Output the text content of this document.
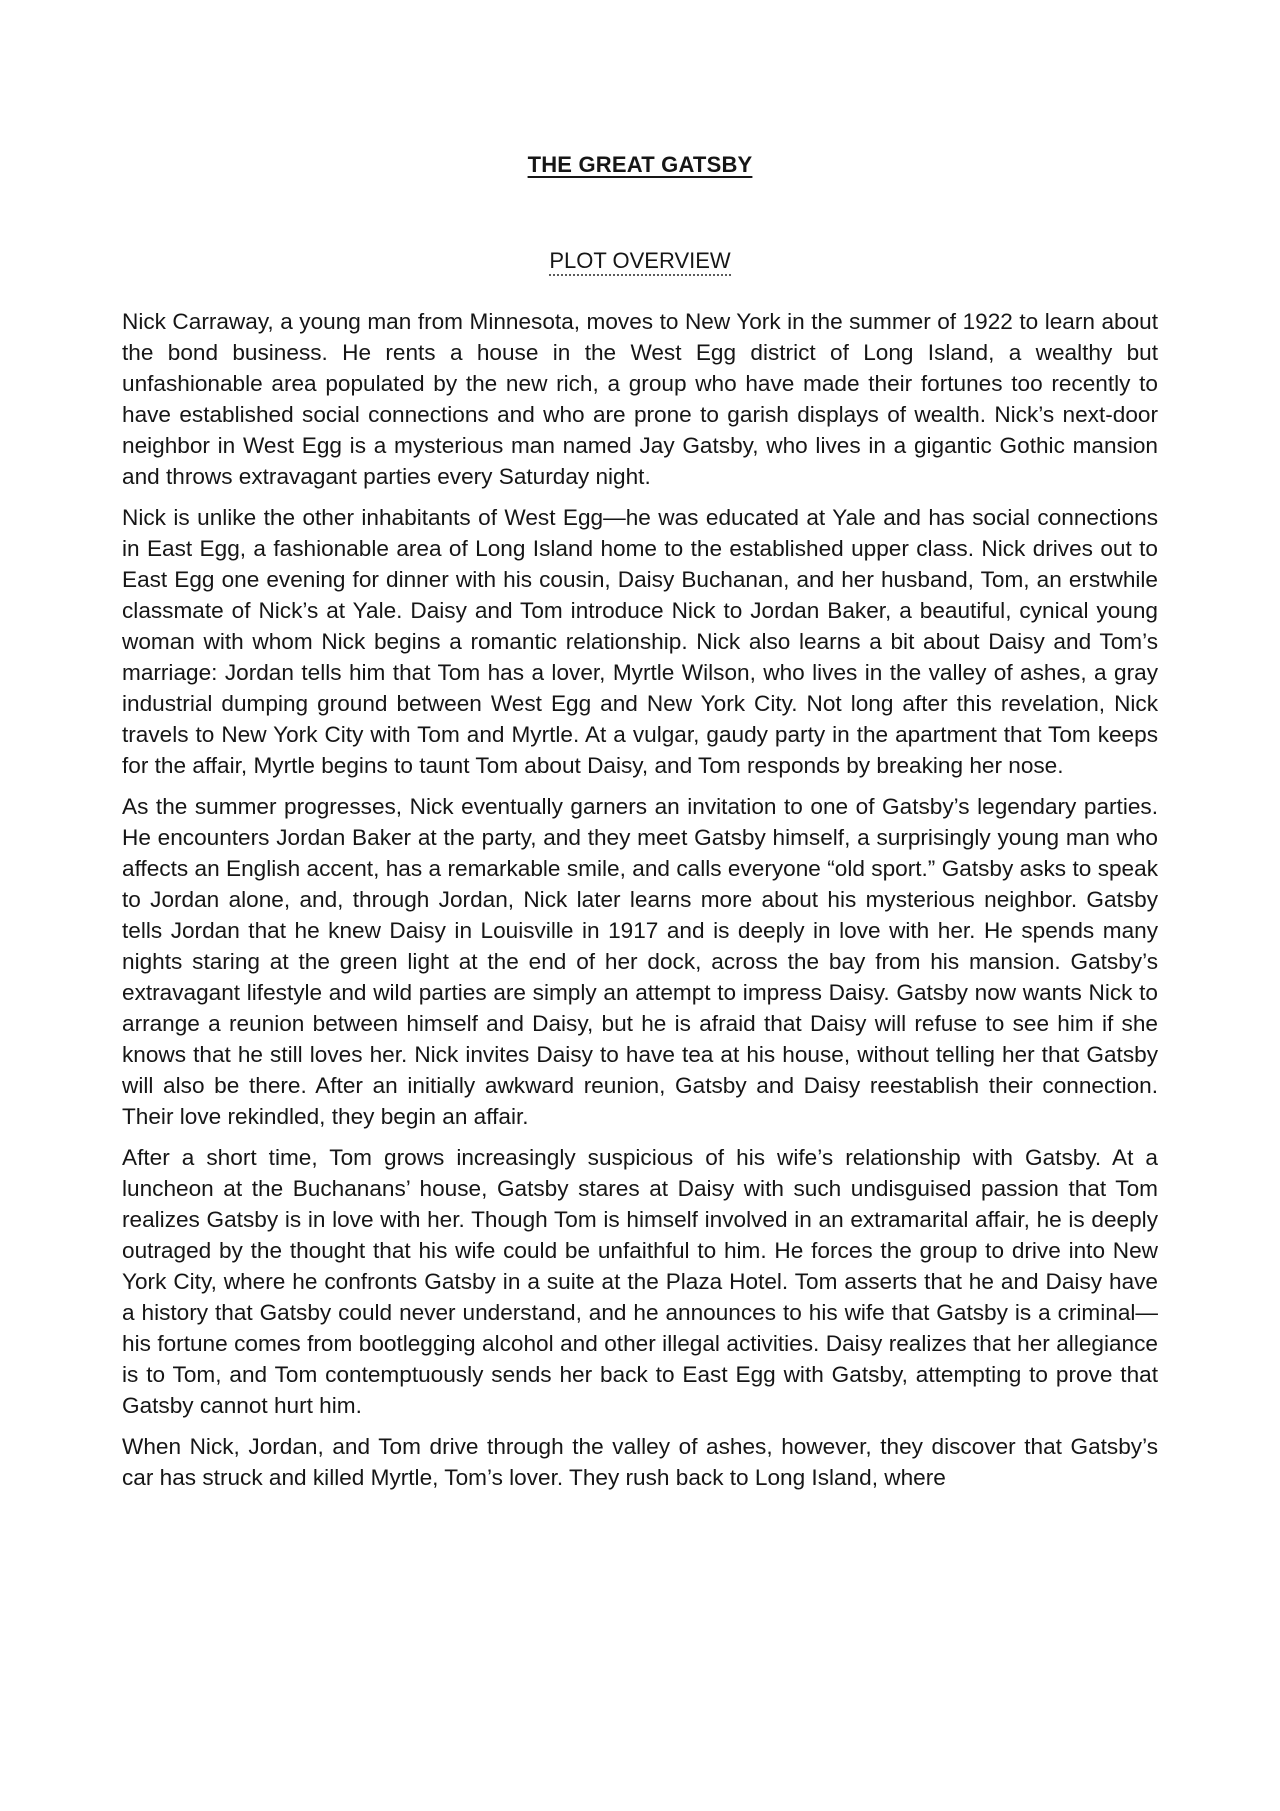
THE GREAT GATSBY
PLOT OVERVIEW

Nick Carraway, a young man from Minnesota, moves to New York in the summer of 1922 to learn about the bond business. He rents a house in the West Egg district of Long Island, a wealthy but unfashionable area populated by the new rich, a group who have made their fortunes too recently to have established social connections and who are prone to garish displays of wealth. Nick’s next-door neighbor in West Egg is a mysterious man named Jay Gatsby, who lives in a gigantic Gothic mansion and throws extravagant parties every Saturday night.

Nick is unlike the other inhabitants of West Egg—he was educated at Yale and has social connections in East Egg, a fashionable area of Long Island home to the established upper class. Nick drives out to East Egg one evening for dinner with his cousin, Daisy Buchanan, and her husband, Tom, an erstwhile classmate of Nick’s at Yale. Daisy and Tom introduce Nick to Jordan Baker, a beautiful, cynical young woman with whom Nick begins a romantic relationship. Nick also learns a bit about Daisy and Tom’s marriage: Jordan tells him that Tom has a lover, Myrtle Wilson, who lives in the valley of ashes, a gray industrial dumping ground between West Egg and New York City. Not long after this revelation, Nick travels to New York City with Tom and Myrtle. At a vulgar, gaudy party in the apartment that Tom keeps for the affair, Myrtle begins to taunt Tom about Daisy, and Tom responds by breaking her nose.

As the summer progresses, Nick eventually garners an invitation to one of Gatsby’s legendary parties. He encounters Jordan Baker at the party, and they meet Gatsby himself, a surprisingly young man who affects an English accent, has a remarkable smile, and calls everyone “old sport.” Gatsby asks to speak to Jordan alone, and, through Jordan, Nick later learns more about his mysterious neighbor. Gatsby tells Jordan that he knew Daisy in Louisville in 1917 and is deeply in love with her. He spends many nights staring at the green light at the end of her dock, across the bay from his mansion. Gatsby’s extravagant lifestyle and wild parties are simply an attempt to impress Daisy. Gatsby now wants Nick to arrange a reunion between himself and Daisy, but he is afraid that Daisy will refuse to see him if she knows that he still loves her. Nick invites Daisy to have tea at his house, without telling her that Gatsby will also be there. After an initially awkward reunion, Gatsby and Daisy reestablish their connection. Their love rekindled, they begin an affair.

After a short time, Tom grows increasingly suspicious of his wife’s relationship with Gatsby. At a luncheon at the Buchanans’ house, Gatsby stares at Daisy with such undisguised passion that Tom realizes Gatsby is in love with her. Though Tom is himself involved in an extramarital affair, he is deeply outraged by the thought that his wife could be unfaithful to him. He forces the group to drive into New York City, where he confronts Gatsby in a suite at the Plaza Hotel. Tom asserts that he and Daisy have a history that Gatsby could never understand, and he announces to his wife that Gatsby is a criminal—his fortune comes from bootlegging alcohol and other illegal activities. Daisy realizes that her allegiance is to Tom, and Tom contemptuously sends her back to East Egg with Gatsby, attempting to prove that Gatsby cannot hurt him.

When Nick, Jordan, and Tom drive through the valley of ashes, however, they discover that Gatsby’s car has struck and killed Myrtle, Tom’s lover. They rush back to Long Island, where
